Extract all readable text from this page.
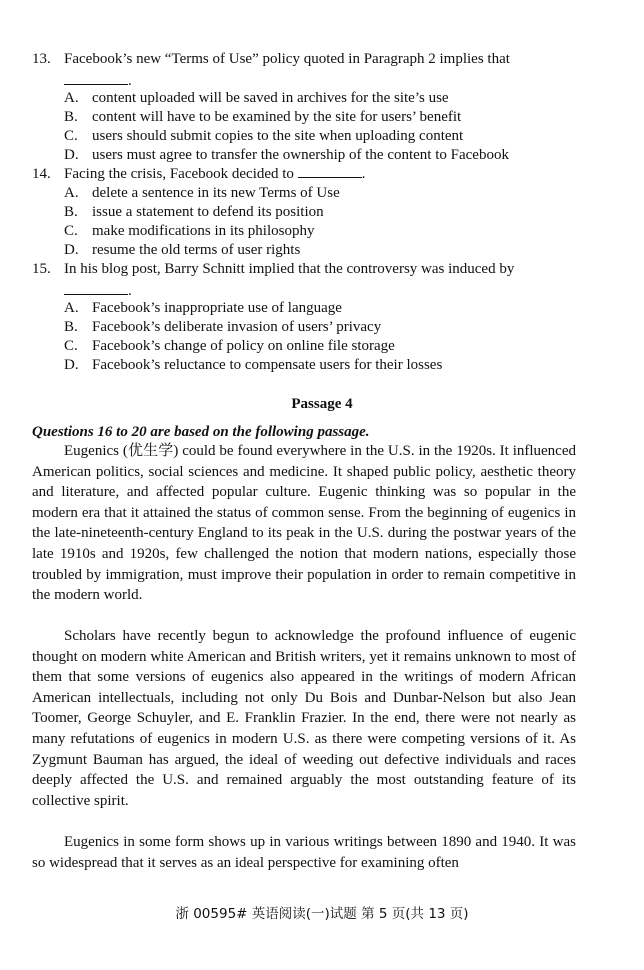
13. Facebook’s new “Terms of Use” policy quoted in Paragraph 2 implies that
.
A. content uploaded will be saved in archives for the site’s use
B. content will have to be examined by the site for users’ benefit
C. users should submit copies to the site when uploading content
D. users must agree to transfer the ownership of the content to Facebook
14. Facing the crisis, Facebook decided to	.
A. delete a sentence in its new Terms of Use
B. issue a statement to defend its position
C. make modifications in its philosophy
D. resume the old terms of user rights
15. In his blog post, Barry Schnitt implied that the controversy was induced by
.
A. Facebook’s inappropriate use of language
B. Facebook’s deliberate invasion of users’ privacy
C. Facebook’s change of policy on online file storage
D. Facebook’s reluctance to compensate users for their losses
Passage 4
Questions 16 to 20 are based on the following passage.
Eugenics (优生学) could be found everywhere in the U.S. in the 1920s. It influenced American politics, social sciences and medicine. It shaped public policy, aesthetic theory and literature, and affected popular culture. Eugenic thinking was so popular in the modern era that it attained the status of common sense. From the beginning of eugenics in the late-nineteenth-century England to its peak in the U.S. during the postwar years of the late 1910s and 1920s, few challenged the notion that modern nations, especially those troubled by immigration, must improve their population in order to remain competitive in the modern world.
Scholars have recently begun to acknowledge the profound influence of eugenic thought on modern white American and British writers, yet it remains unknown to most of them that some versions of eugenics also appeared in the writings of modern African American intellectuals, including not only Du Bois and Dunbar-Nelson but also Jean Toomer, George Schuyler, and E. Franklin Frazier. In the end, there were not nearly as many refutations of eugenics in modern U.S. as there were competing versions of it. As Zygmunt Bauman has argued, the ideal of weeding out defective individuals and races deeply affected the U.S. and remained arguably the most outstanding feature of its collective spirit.
Eugenics in some form shows up in various writings between 1890 and 1940. It was so widespread that it serves as an ideal perspective for examining often
浙 00595# 英语阅读(一)试题 第 5 页(共 13 页)
